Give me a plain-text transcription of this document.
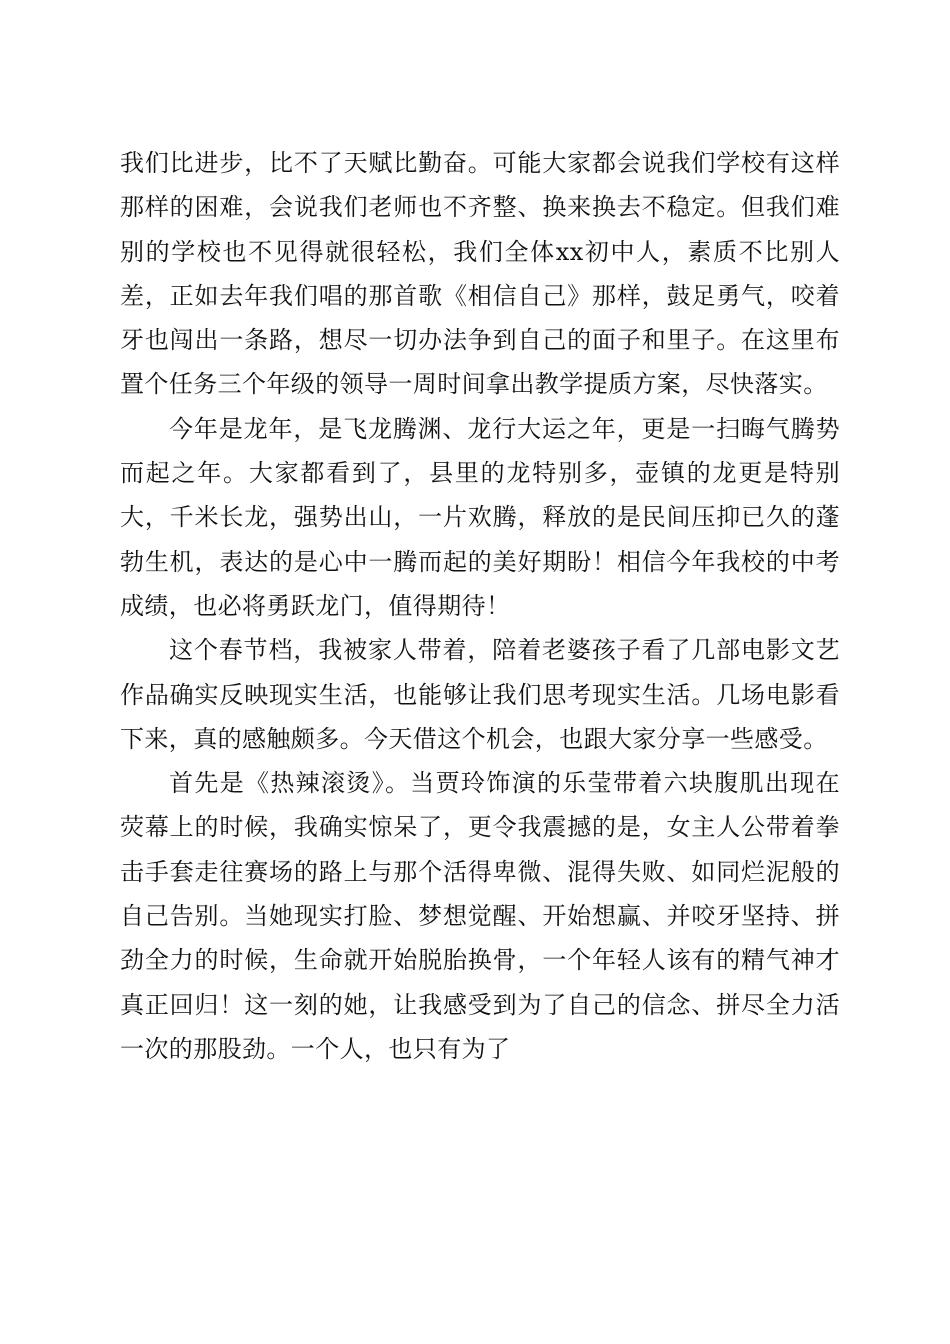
我们比进步，比不了天赋比勤奋。可能大家都会说我们学校有这样那样的困难，会说我们老师也不齐整、换来换去不稳定。但我们难别的学校也不见得就很轻松，我们全体xx初中人，素质不比别人差，正如去年我们唱的那首歌《相信自己》那样，鼓足勇气，咬着牙也闯出一条路，想尽一切办法争到自己的面子和里子。在这里布置个任务三个年级的领导一周时间拿出教学提质方案，尽快落实。

今年是龙年，是飞龙腾渊、龙行大运之年，更是一扫晦气腾势而起之年。大家都看到了，县里的龙特别多，壶镇的龙更是特别大，千米长龙，强势出山，一片欢腾，释放的是民间压抑已久的蓬勃生机，表达的是心中一腾而起的美好期盼！相信今年我校的中考成绩，也必将勇跃龙门，值得期待！

这个春节档，我被家人带着，陪着老婆孩子看了几部电影文艺作品确实反映现实生活，也能够让我们思考现实生活。几场电影看下来，真的感触颇多。今天借这个机会，也跟大家分享一些感受。

首先是《热辣滚烫》。当贾玲饰演的乐莹带着六块腹肌出现在荧幕上的时候，我确实惊呆了，更令我震撼的是，女主人公带着拳击手套走往赛场的路上与那个活得卑微、混得失败、如同烂泥般的自己告别。当她现实打脸、梦想觉醒、开始想赢、并咬牙坚持、拼劲全力的时候，生命就开始脱胎换骨，一个年轻人该有的精气神才真正回归！这一刻的她，让我感受到为了自己的信念、拼尽全力活一次的那股劲。一个人，也只有为了
